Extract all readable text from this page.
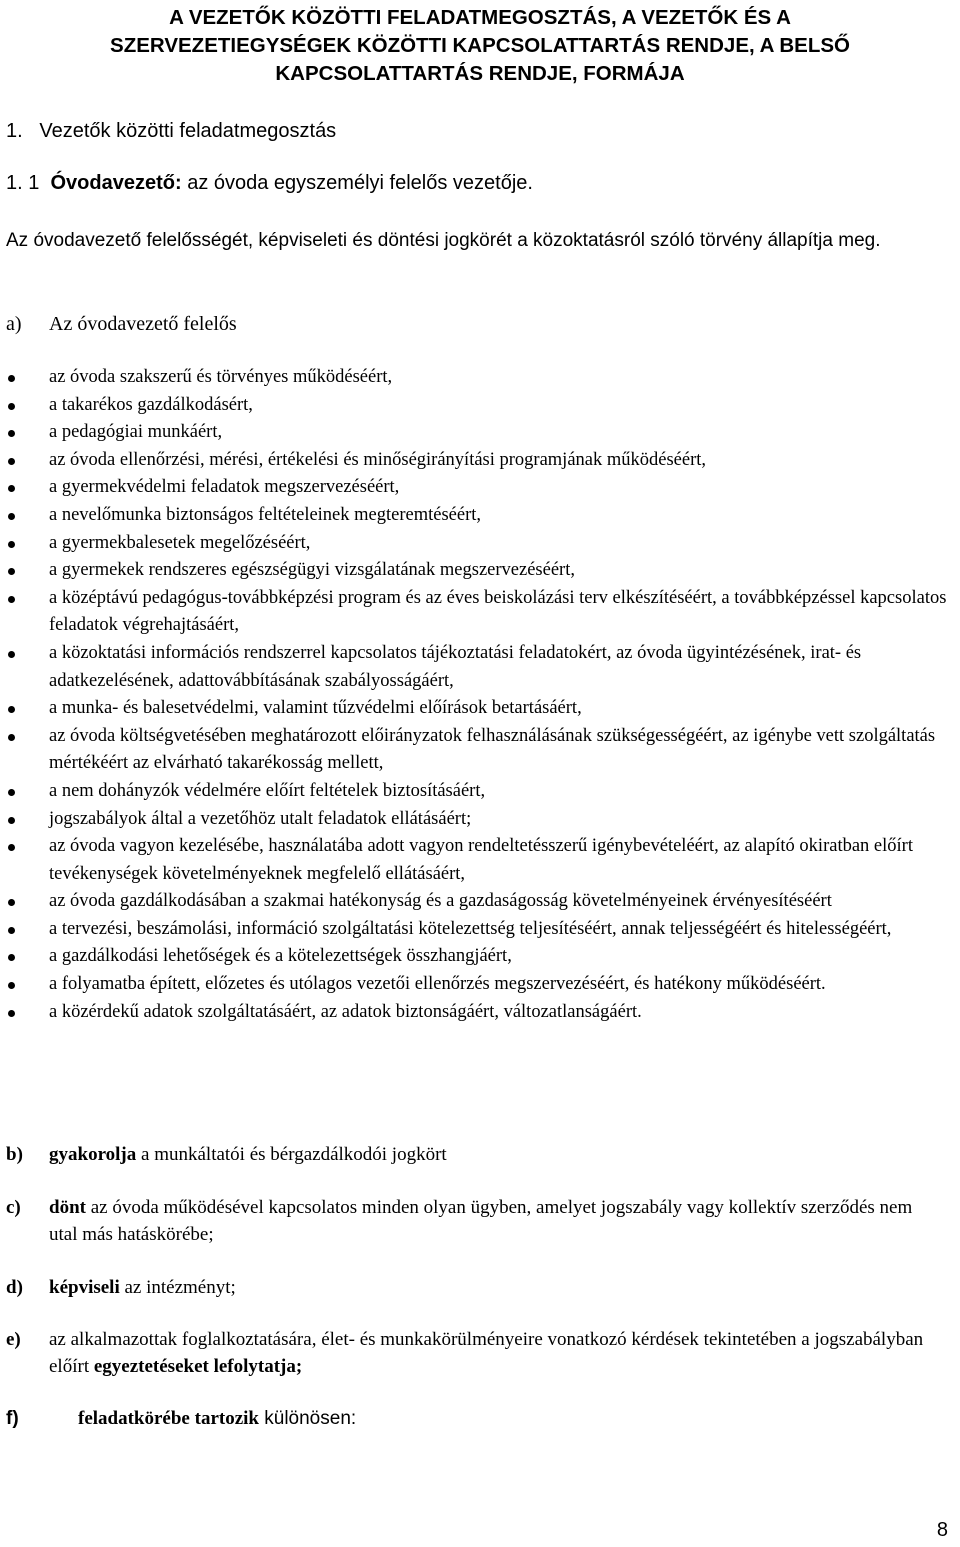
A VEZETŐK KÖZÖTTI FELADATMEGOSZTÁS, A VEZETŐK ÉS A
SZERVEZETIEGYSÉGEK KÖZÖTTI KAPCSOLATTARTÁS RENDJE, A BELSŐ
KAPCSOLATTARTÁS RENDJE, FORMÁJA
1.   Vezetők közötti feladatmegosztás
1. 1 Óvodavezető: az óvoda egyszemélyi felelős vezetője.
Az óvodavezető felelősségét, képviseleti és döntési jogkörét a közoktatásról szóló törvény állapítja meg.
a) Az óvodavezető felelős
az óvoda szakszerű és törvényes működéséért,
a takarékos gazdálkodásért,
a pedagógiai munkáért,
az óvoda ellenőrzési, mérési, értékelési és minőségirányítási programjának működéséért,
a gyermekvédelmi feladatok megszervezéséért,
a nevelőmunka biztonságos feltételeinek megteremtéséért,
a gyermekbalesetek megelőzéséért,
a gyermekek rendszeres egészségügyi vizsgálatának megszervezéséért,
a középtávú pedagógus-továbbképzési program és az éves beiskolázási terv elkészítéséért, a továbbképzéssel kapcsolatos feladatok végrehajtásáért,
a közoktatási információs rendszerrel kapcsolatos tájékoztatási feladatokért, az óvoda ügyintézésének, irat- és adatkezelésének, adattovábbításának szabályosságáért,
a munka- és balesetvédelmi, valamint tűzvédelmi előírások betartásáért,
az óvoda költségvetésében meghatározott előirányzatok felhasználásának szükségességéért, az igénybe vett szolgáltatás mértékéért az elvárható takarékosság mellett,
a nem dohányzók védelmére előírt feltételek biztosításáért,
jogszabályok által a vezetőhöz utalt feladatok ellátásáért;
az óvoda vagyon kezelésébe, használatába adott vagyon rendeltetésszerű igénybevételéért, az alapító okiratban előírt tevékenységek követelményeknek megfelelő ellátásáért,
az óvoda gazdálkodásában a szakmai hatékonyság és a gazdaságosság követelményeinek érvényesítéséért
a tervezési, beszámolási, információ szolgáltatási kötelezettség teljesítéséért, annak teljességéért és hitelességéért,
a gazdálkodási lehetőségek és a kötelezettségek összhangjáért,
a folyamatba épített, előzetes és utólagos vezetői ellenőrzés megszervezéséért, és hatékony működéséért.
a közérdekű adatok szolgáltatásáért, az adatok biztonságáért, változatlanságáért.
b) gyakorolja a munkáltatói és bérgazdálkodói jogkört
c) dönt az óvoda működésével kapcsolatos minden olyan ügyben, amelyet jogszabály vagy kollektív szerződés nem utal más hatáskörébe;
d) képviseli az intézményt;
e) az alkalmazottak foglalkoztatására, élet- és munkakörülményeire vonatkozó kérdések tekintetében a jogszabályban előírt egyeztetéseket lefolytatja;
f)	feladatkörébe tartozik különösen:
8
